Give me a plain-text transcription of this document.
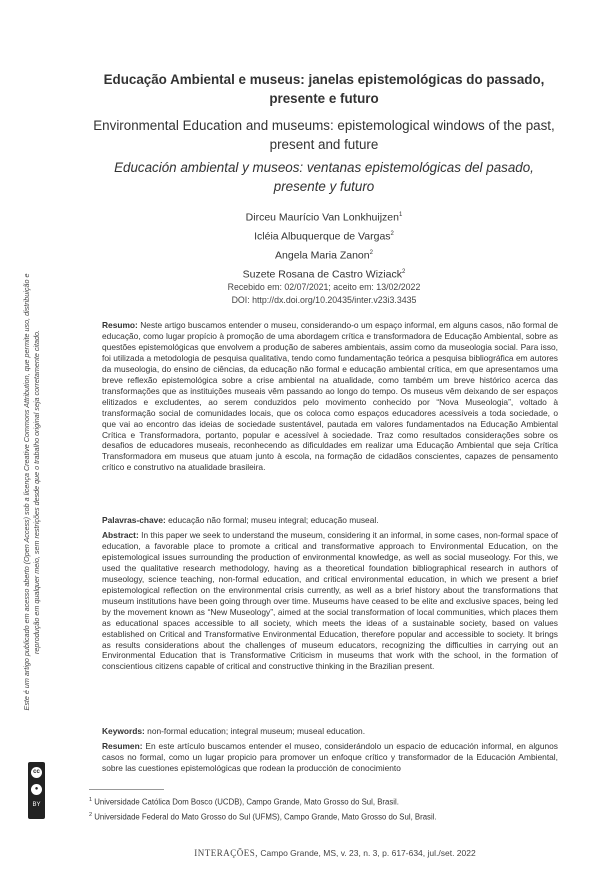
Este é um artigo publicado em acesso aberto (Open Access) sob a licença Creative Commons Attribution, que permite uso, distribuição e reprodução em qualquer meio, sem restrições desde que o trabalho original seja corretamente citado.
cc
●
BY
Educação Ambiental e museus: janelas epistemológicas do passado, presente e futuro
Environmental Education and museums: epistemological windows of the past, present and future
Educación ambiental y museos: ventanas epistemológicas del pasado, presente y futuro
Dirceu Maurício Van Lonkhuijzen$^1$
Icléia Albuquerque de Vargas$^2$
Angela Maria Zanon$^2$
Suzete Rosana de Castro Wiziack$^2$
Recebido em: 02/07/2021; aceito em: 13/02/2022
DOI: http://dx.doi.org/10.20435/inter.v23i3.3435
Resumo: Neste artigo buscamos entender o museu, considerando-o um espaço informal, em alguns casos, não formal de educação, como lugar propício à promoção de uma abordagem crítica e transformadora de Educação Ambiental, sobre as questões epistemológicas que envolvem a produção de saberes ambientais, assim como da museologia social. Para isso, foi utilizada a metodologia de pesquisa qualitativa, tendo como fundamentação teórica a pesquisa bibliográfica em autores da museologia, do ensino de ciências, da educação não formal e educação ambiental crítica, em que apresentamos uma breve reflexão epistemológica sobre a crise ambiental na atualidade, como também um breve histórico acerca das transformações que as instituições museais vêm passando ao longo do tempo. Os museus vêm deixando de ser espaços elitizados e excludentes, ao serem conduzidos pelo movimento conhecido por “Nova Museologia”, voltado à transformação social de comunidades locais, que os coloca como espaços educadores acessíveis a toda sociedade, o que vai ao encontro das ideias de sociedade sustentável, pautada em valores fundamentados na Educação Ambiental Crítica e Transformadora, portanto, popular e acessível à sociedade. Traz como resultados considerações sobre os desafios de educadores museais, reconhecendo as dificuldades em realizar uma Educação Ambiental que seja Crítica Transformadora em museus que atuam junto à escola, na formação de cidadãos conscientes, capazes de pensamento crítico e construtivo na atualidade brasileira.
Palavras-chave: educação não formal; museu integral; educação museal.
Abstract: In this paper we seek to understand the museum, considering it an informal, in some cases, non-formal space of education, a favorable place to promote a critical and transformative approach to Environmental Education, on the epistemological issues surrounding the production of environmental knowledge, as well as social museology. For this, we used the qualitative research methodology, having as a theoretical foundation bibliographical research in authors of museology, science teaching, non-formal education, and critical environmental education, in which we present a brief epistemological reflection on the environmental crisis currently, as well as a brief history about the transformations that museum institutions have been going through over time. Museums have ceased to be elite and exclusive spaces, being led by the movement known as “New Museology”, aimed at the social transformation of local communities, which places them as educational spaces accessible to all society, which meets the ideas of a sustainable society, based on values established on Critical and Transformative Environmental Education, therefore popular and accessible to society. It brings as results considerations about the challenges of museum educators, recognizing the difficulties in carrying out an Environmental Education that is Transformative Criticism in museums that work with the school, in the formation of conscientious citizens capable of critical and constructive thinking in the Brazilian present.
Keywords: non-formal education; integral museum; museal education.
Resumen: En este artículo buscamos entender el museo, considerándolo un espacio de educación informal, en algunos casos no formal, como un lugar propicio para promover un enfoque crítico y transformador de la Educación Ambiental, sobre las cuestiones epistemológicas que rodean la producción de conocimiento
$^1$ Universidade Católica Dom Bosco (UCDB), Campo Grande, Mato Grosso do Sul, Brasil.
$^2$ Universidade Federal do Mato Grosso do Sul (UFMS), Campo Grande, Mato Grosso do Sul, Brasil.
INTERAÇÕES, Campo Grande, MS, v. 23, n. 3, p. 617-634, jul./set. 2022
